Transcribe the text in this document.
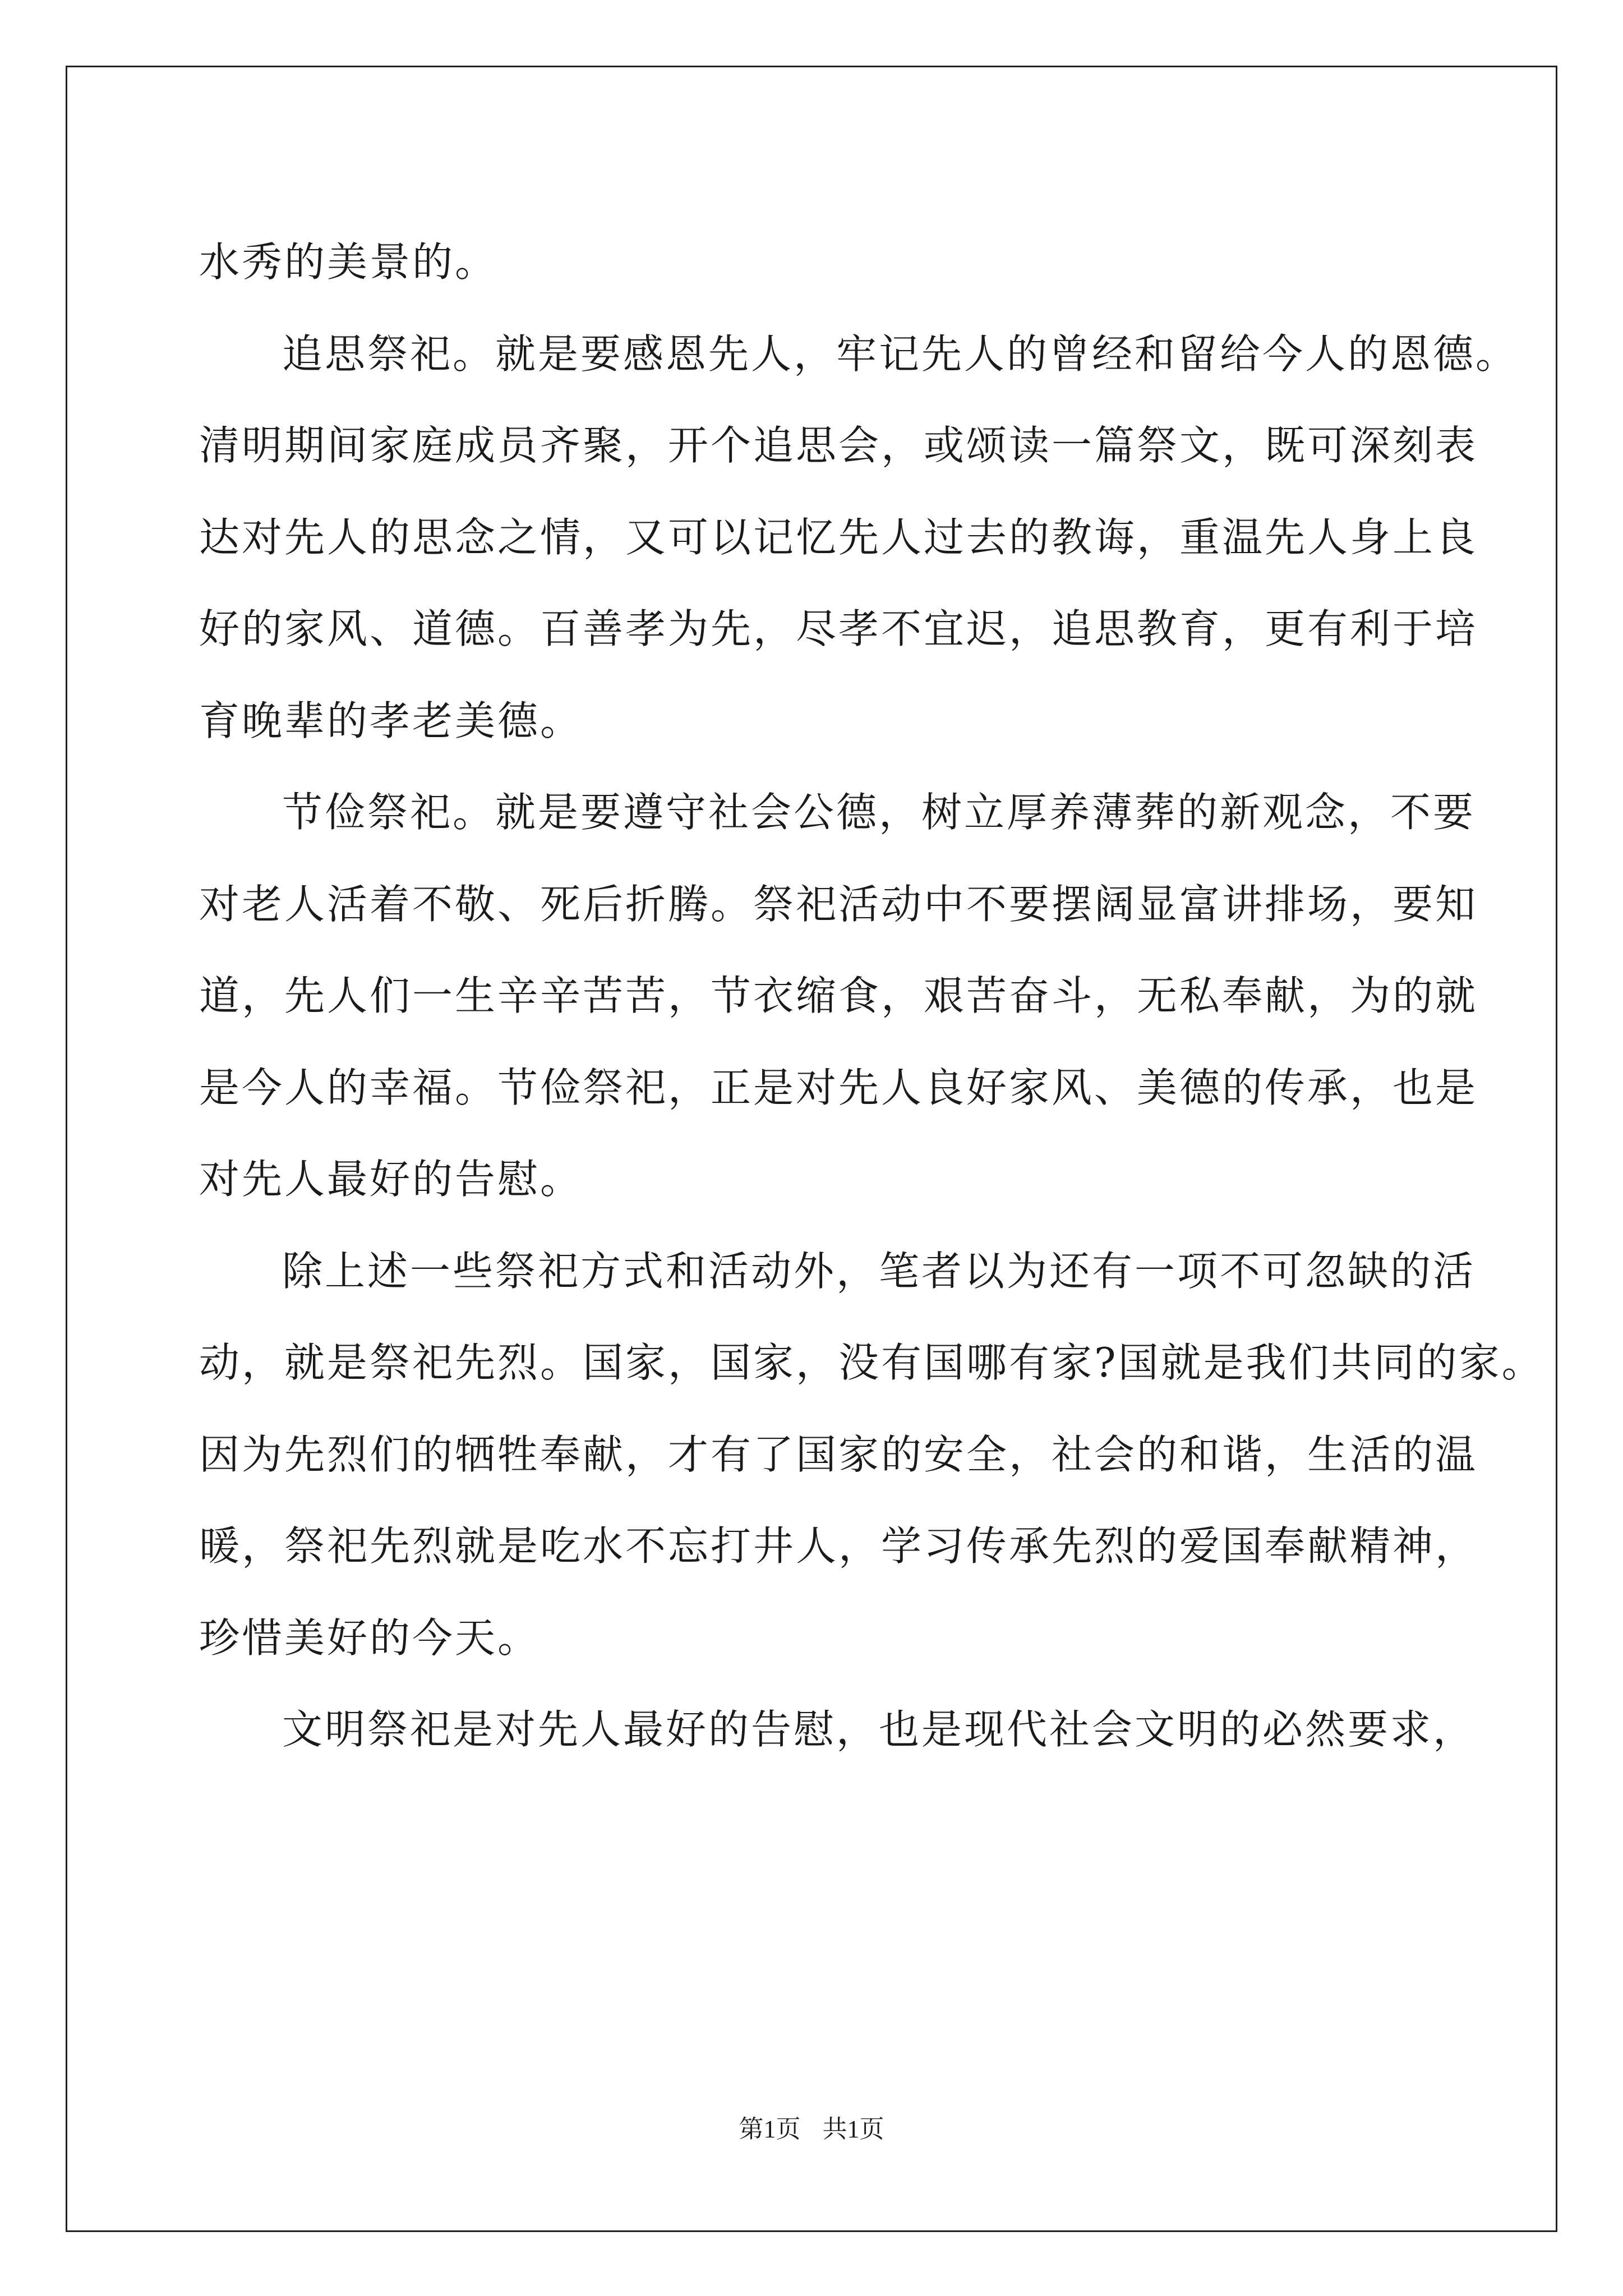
水秀的美景的。
追思祭祀。就是要感恩先人，牢记先人的曾经和留给今人的恩德。
清明期间家庭成员齐聚，开个追思会，或颂读一篇祭文，既可深刻表
达对先人的思念之情，又可以记忆先人过去的教诲，重温先人身上良
好的家风、道德。百善孝为先，尽孝不宜迟，追思教育，更有利于培
育晚辈的孝老美德。
节俭祭祀。就是要遵守社会公德，树立厚养薄葬的新观念，不要
对老人活着不敬、死后折腾。祭祀活动中不要摆阔显富讲排场，要知
道，先人们一生辛辛苦苦，节衣缩食，艰苦奋斗，无私奉献，为的就
是今人的幸福。节俭祭祀，正是对先人良好家风、美德的传承，也是
对先人最好的告慰。
除上述一些祭祀方式和活动外，笔者以为还有一项不可忽缺的活
动，就是祭祀先烈。国家，国家，没有国哪有家?国就是我们共同的家。
因为先烈们的牺牲奉献，才有了国家的安全，社会的和谐，生活的温
暖，祭祀先烈就是吃水不忘打井人，学习传承先烈的爱国奉献精神，
珍惜美好的今天。
文明祭祀是对先人最好的告慰，也是现代社会文明的必然要求，
第1页 共1页
